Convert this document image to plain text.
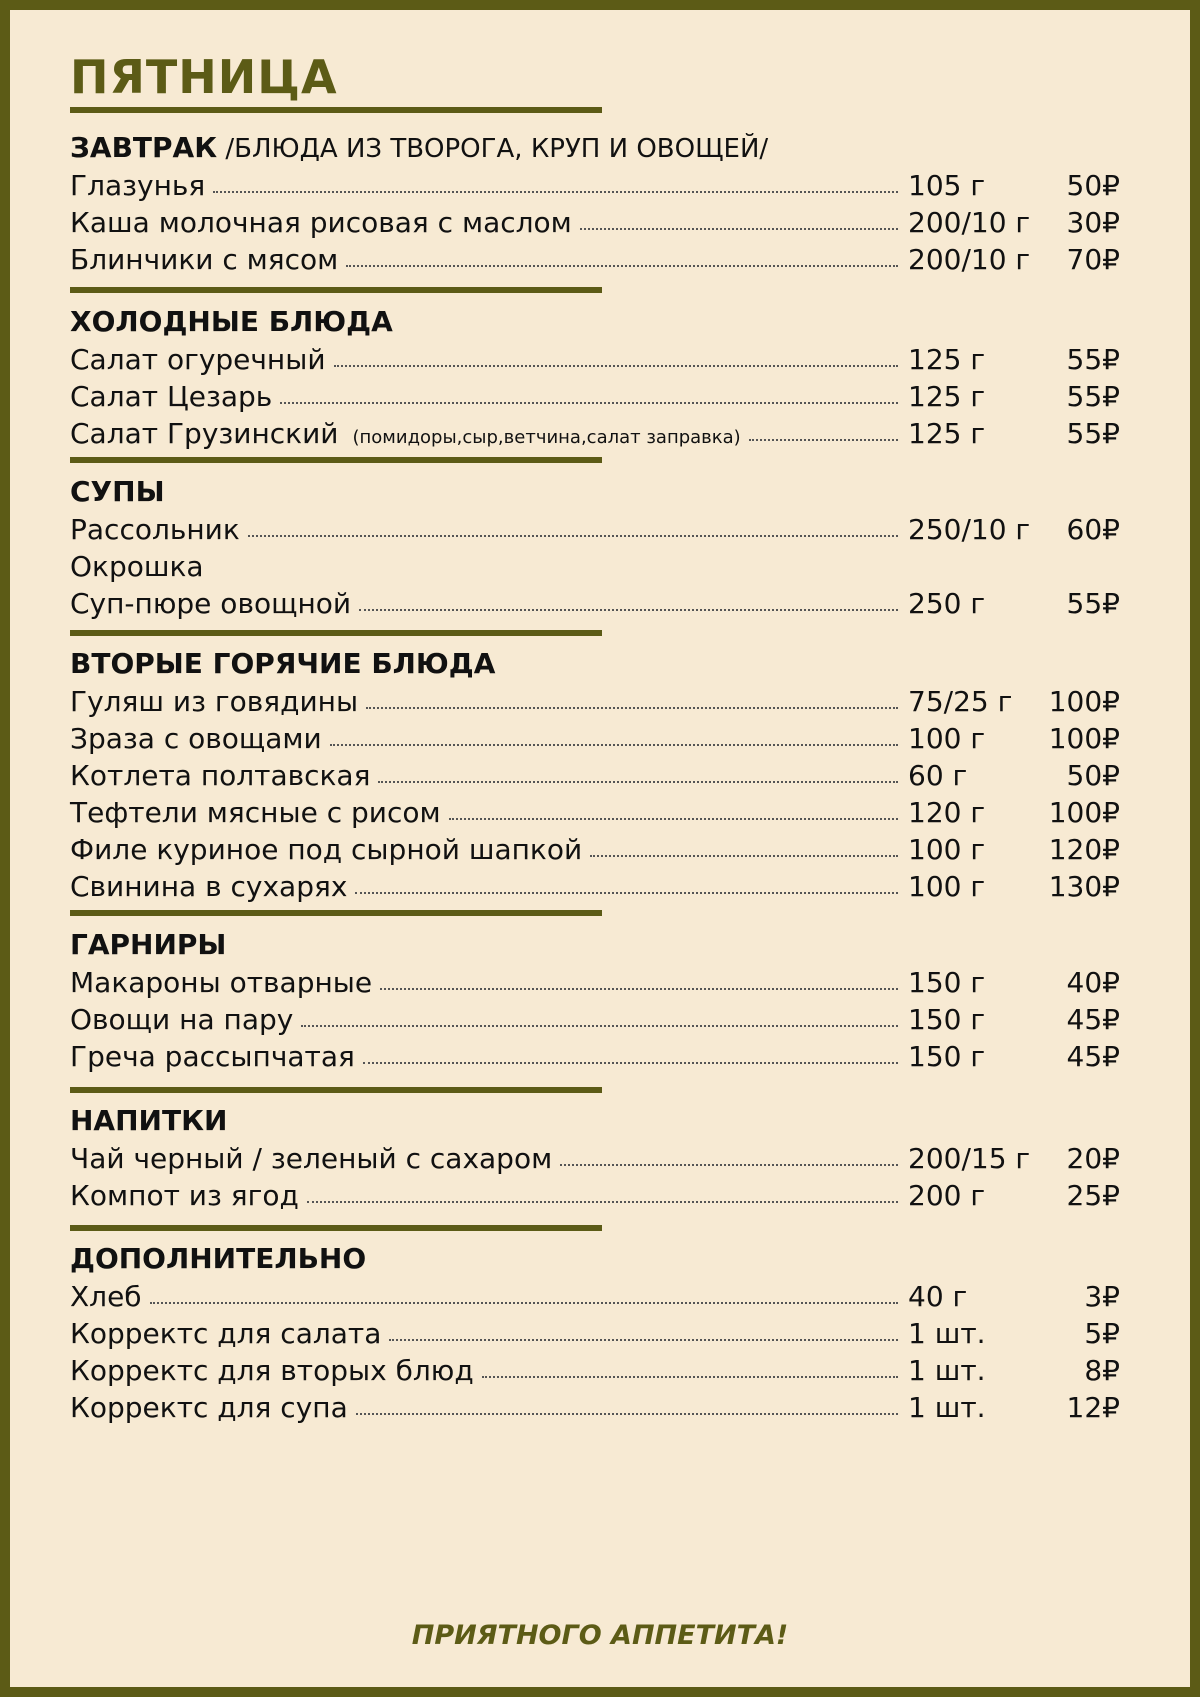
ПЯТНИЦА
ЗАВТРАК /БЛЮДА ИЗ ТВОРОГА, КРУП И ОВОЩЕЙ/
Глазунья	105 г	50₽
Каша молочная рисовая с маслом	200/10 г 30₽
Блинчики с мясом	200/10 г 70₽
ХОЛОДНЫЕ БЛЮДА
Салат огуречный	125 г	55₽
Салат Цезарь	125 г	55₽
Салат Грузинский (помидоры,сыр,ветчина,салат заправка)	125 г	55₽
СУПЫ
Рассольник	250/10 г 60₽
Окрошка
Суп-пюре овощной	250 г	55₽
ВТОРЫЕ ГОРЯЧИЕ БЛЮДА
Гуляш из говядины	75/25 г 100₽
Зраза с овощами	100 г 100₽
Котлета полтавская	60 г	50₽
Тефтели мясные с рисом	120 г 100₽
Филе куриное под сырной шапкой	100 г 120₽
Свинина в сухарях	100 г 130₽
ГАРНИРЫ
Макароны отварные	150 г	40₽
Овощи на пару	150 г	45₽
Греча рассыпчатая	150 г	45₽
НАПИТКИ
Чай черный / зеленый с сахаром	200/15 г 20₽
Компот из ягод	200 г	25₽
ДОПОЛНИТЕЛЬНО
Хлеб	40 г	3₽
Корректс для салата	1 шт.	5₽
Корректс для вторых блюд	1 шт.	8₽
Корректс для супа	1 шт.	12₽
ПРИЯТНОГО АППЕТИТА!
